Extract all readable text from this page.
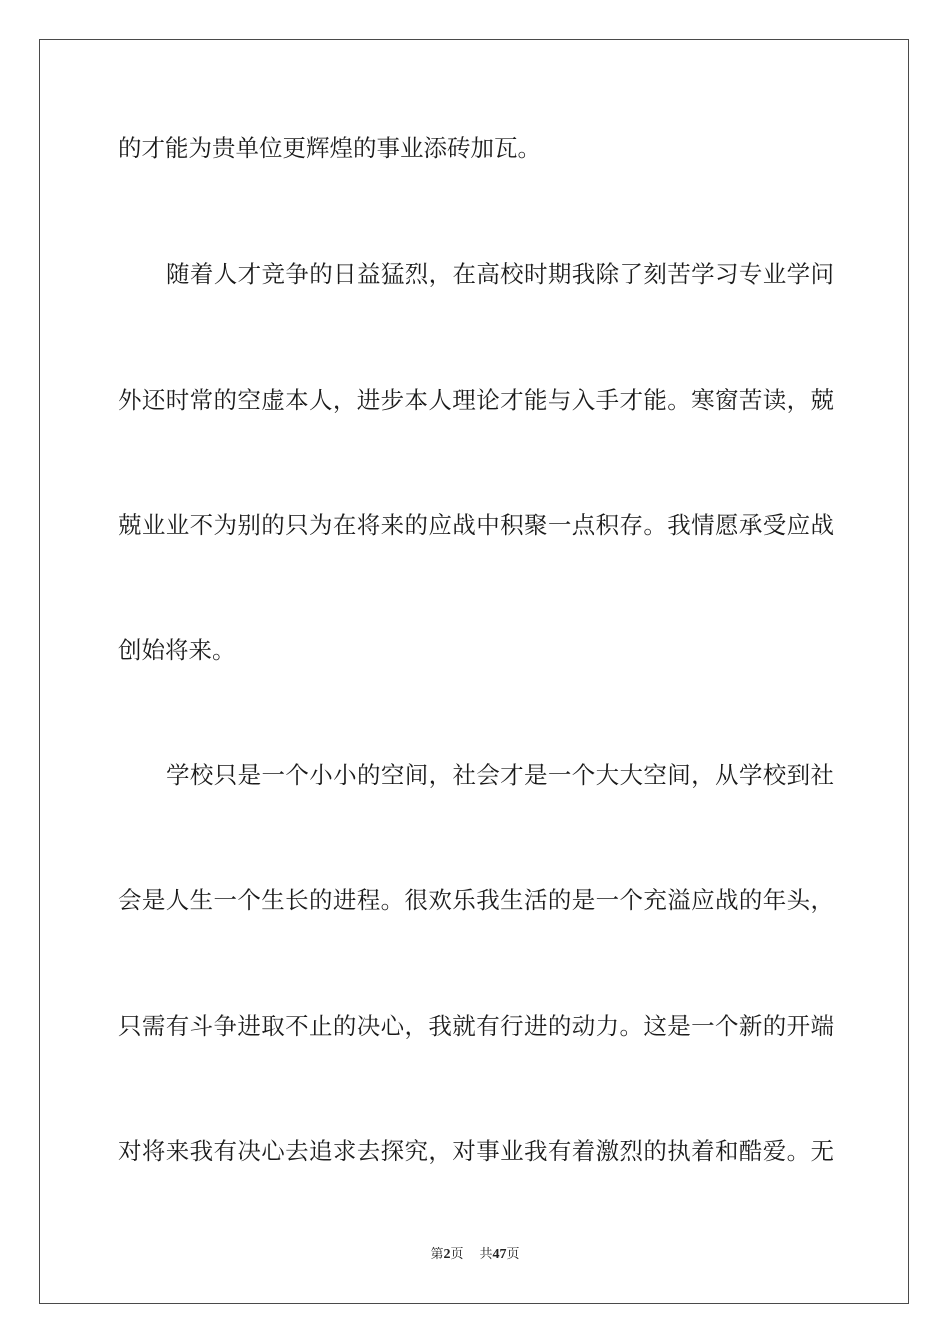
的才能为贵单位更辉煌的事业添砖加瓦。
随着人才竞争的日益猛烈，在高校时期我除了刻苦学习专业学问
外还时常的空虚本人，进步本人理论才能与入手才能。寒窗苦读，兢
兢业业不为别的只为在将来的应战中积聚一点积存。我情愿承受应战
创始将来。
学校只是一个小小的空间，社会才是一个大大空间，从学校到社
会是人生一个生长的进程。很欢乐我生活的是一个充溢应战的年头，
只需有斗争进取不止的决心，我就有行进的动力。这是一个新的开端
对将来我有决心去追求去探究，对事业我有着激烈的执着和酷爱。无
第2页 共47页
